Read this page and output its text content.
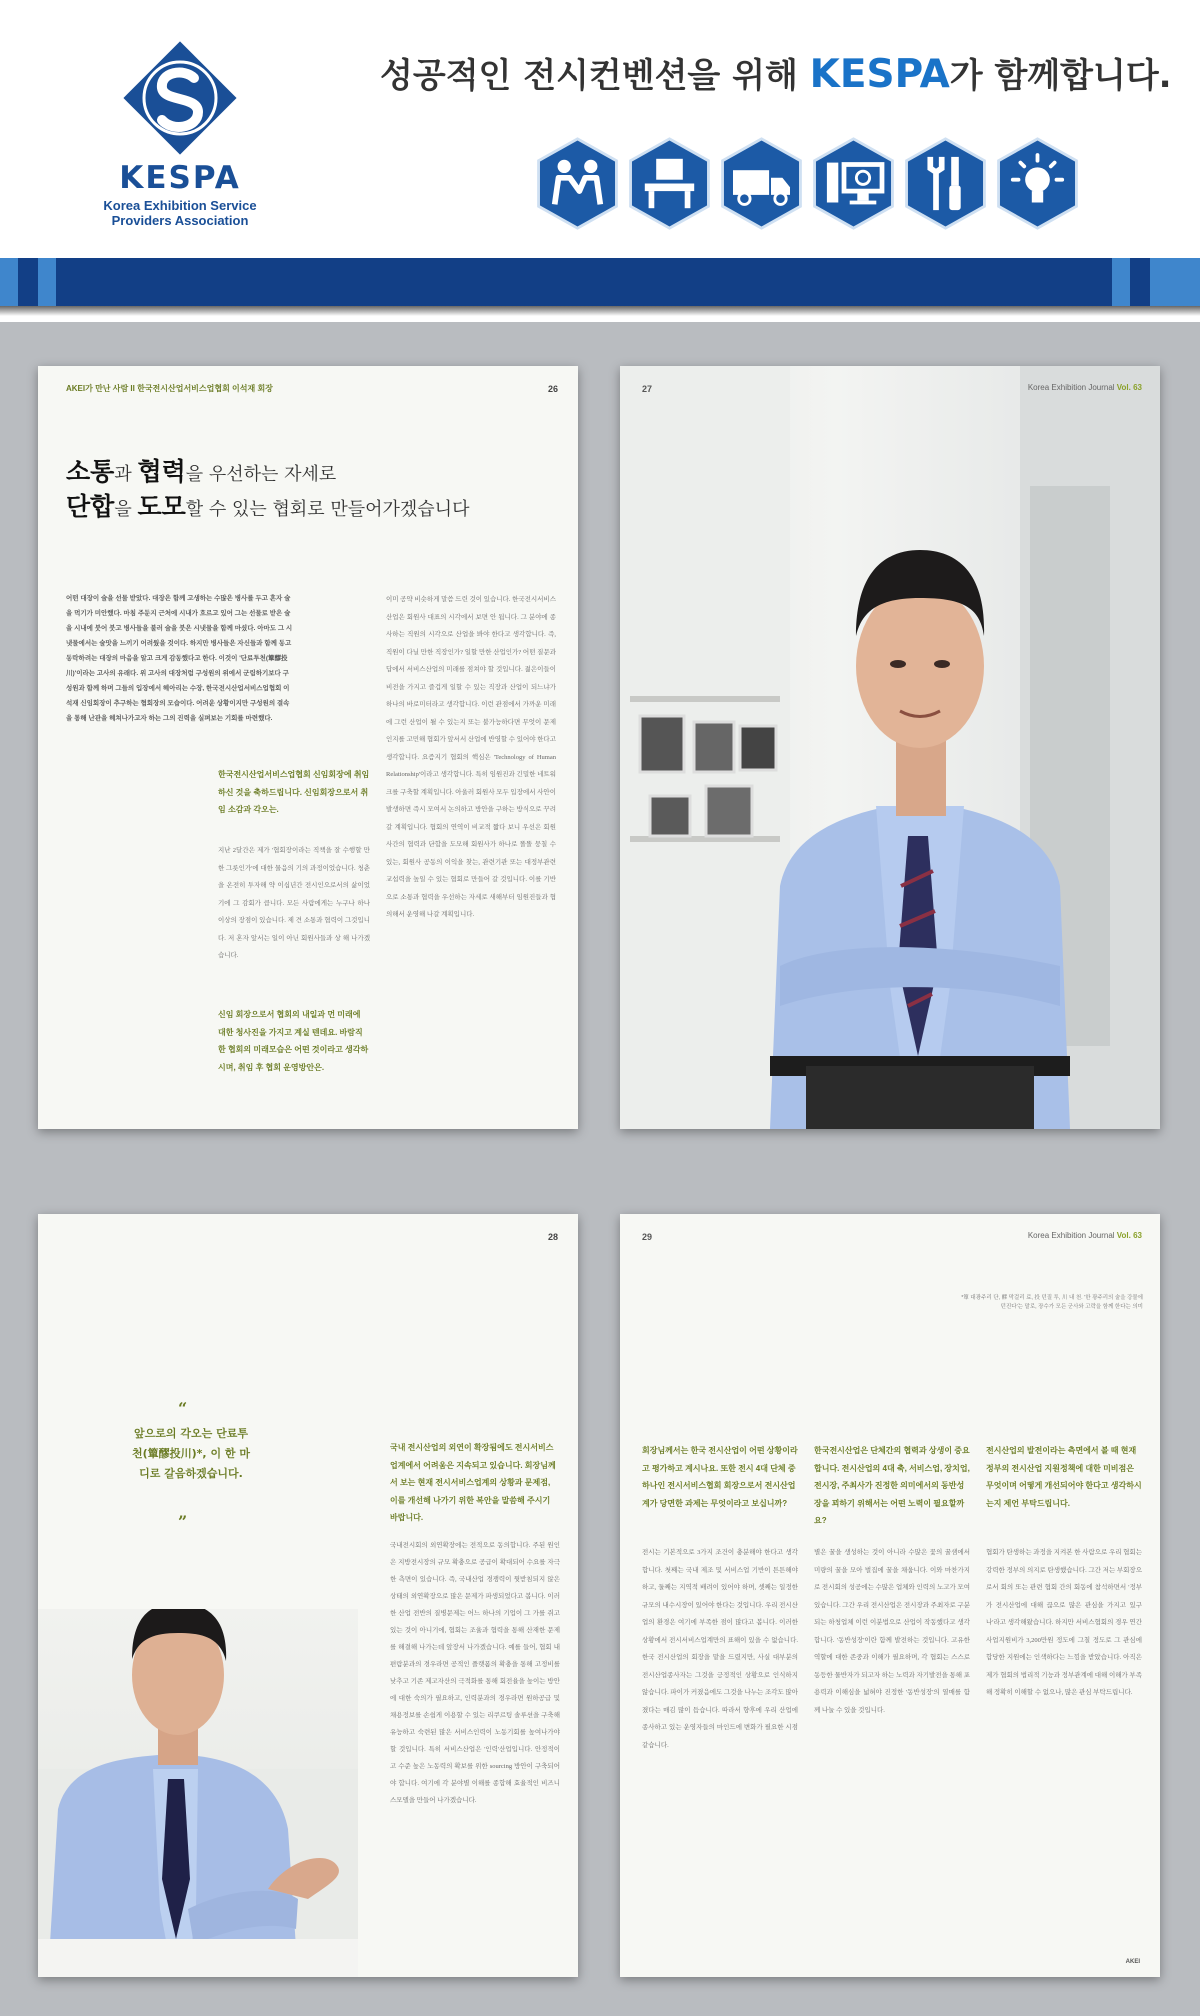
KESPA
Korea Exhibition Service
Providers Association
성공적인 전시컨벤션을 위해 KESPA가 함께합니다.
AKEI가 만난 사람 II 한국전시산업서비스업협회 이석재 회장	26
소통과 협력을 우선하는 자세로
단합을 도모할 수 있는 협회로 만들어가겠습니다
어떤 대장이 술을 선물 받았다. 대장은 함께 고생하는 수많은 병사를 두고 혼자 술을 먹기가 미안했다. 마침 주둔지 근처에 시내가 흐르고 있어 그는 선물로 받은 술을 시내에 붓어 붓고 병사들을 불러 술을 붓은 시냇물을 함께 마셨다. 아마도 그 시냇물에서는 술맛을 느끼기 어려웠을 것이다. 하지만 병사들은 자신들과 함께 동고동락하려는 대장의 마음을 알고 크게 감동했다고 한다. 이것이 '단료투천(簞醪投川)'이라는 고사의 유래다. 위 고사의 대장처럼 구성원의 위에서 군림하기보다 구성원과 함께 하며 그들의 입장에서 헤아리는 수장, 한국전시산업서비스업협회 이석재 신임회장이 추구하는 협회장의 모습이다. 어려운 상황이지만 구성원의 결속을 통해 난관을 헤쳐나가고자 하는 그의 진력을 실펴보는 기회를 마련했다.
한국전시산업서비스업협회 신임회장에 취임하신 것을 축하드립니다. 신임회장으로서 취임 소감과 각오는.
지난 2달간은 제가 '협회장이라는 직책을 잘 수행할 만한 그릇인가'에 대한 물음의 기의 과정이었습니다. 청춘을 온전히 투자해 약 이십년간 전시인으로서의 삶이었기에 그 감회가 큽니다. 모든 사람에게는 누구나 하나 이상의 장점이 있습니다. 제 견 소통과 협력이 그것입니다. 저 혼자 앞서는 일이 아닌 회원사들과 상 해 나가겠습니다.
신임 회장으로서 협회의 내일과 먼 미래에 대한 청사진을 가지고 계실 텐데요. 바람직한 협회의 미래모습은 어떤 것이라고 생각하시며, 취임 후 협회 운영방안은.
이미 공약 비슷하게 말씀 드린 것이 있습니다. 한국전시서비스산업은 회원사 대표의 시각에서 보면 안 됩니다. 그 분야에 종사하는 직원의 시각으로 산업을 봐야 한다고 생각합니다. 즉, 직원이 다닐 만한 직장인가? 일할 만한 산업인가? 어떤 질문과 답에서 서비스산업의 미래를 점쳐야 할 것입니다. 젊은이들이 비전을 가지고 즐겁게 일할 수 있는 직장과 산업이 되느냐가 하나의 바로미터라고 생각합니다. 이런 관점에서 가까운 미래에 그런 산업이 될 수 있는지 또는 불가능하다면 무엇이 문제인지를 고민해 협회가 앞서서 산업에 반영할 수 있어야 한다고 생각합니다. 요즘지기 협회의 핵심은 'Technology of Human Relationship'이라고 생각합니다. 특히 임원진과 긴밀한 네트워크를 구축할 계획입니다. 아울러 회원사 모두 입장에서 사안이 발생하면 즉시 모여서 논의하고 방안을 구하는 방식으로 꾸려갈 계획입니다. 협회의 연역이 비교적 짧다 보니 우선은 회원사간의 협력과 단합을 도모해 회원사가 하나로 똘똘 뭉칠 수 있는, 회원사 공동의 이익을 찾는, 관련기관 또는 대정부관련 교섭력을 높일 수 있는 협회로 만들어 갈 것입니다. 이를 기반으로 소통과 협력을 우선하는 자세로 새해부터 임원진들과 협의해서 운영해 나갈 계획입니다.
27	Korea Exhibition Journal Vol. 63
28
“
앞으로의 각오는 단료투천(簞醪投川)*, 이 한 마디로 갈음하겠습니다.
”
국내 전시산업의 외연이 확장됨에도 전시서비스업계에서 어려움은 지속되고 있습니다. 회장님께서 보는 현재 전시서비스업계의 상황과 문제점, 이를 개선해 나가기 위한 복안을 말씀해 주시기 바랍니다.
국내전시회의 외연확장에는 전적으로 동의합니다. 주된 원인은 지방전시장의 규모 확충으로 공급이 확대되어 수요를 자극한 측면이 있습니다. 즉, 국내산업 경쟁력이 뒷받침되지 않은 상태의 외연확장으로 많은 문제가 파생되었다고 봅니다. 이러한 산업 전반의 질병문제는 어느 하나의 기업이 그 가를 쥐고 있는 것이 아니기에, 협회는 조율과 협력을 통해 산재한 문제를 해결해 나가는데 앞장서 나가겠습니다. 예를 들어, 협회 내 편람분과의 경우라면 공적인 플랫폼의 확충을 통해 고정비를 낮추고 기존 제고자산의 극적화를 통해 회전율을 높이는 방안에 대한 숙의가 필요하고, 인력분과의 경우라면 원하공급 및 채용정보를 손쉽게 이용할 수 있는 리쿠르팅 솔루션을 구축해 유능하고 숙련된 많은 서비스인력이 노동기회를 높여나가야 할 것입니다. 특히 서비스산업은 '인력'산업입니다. 안정적이고 수준 높은 노동력의 확보를 위한 sourcing 방안이 구축되어야 합니다. 여기에 각 분야별 이해를 종합해 효율적인 비즈니스모델을 만들어 나가겠습니다.
29	Korea Exhibition Journal Vol. 63
*簞 대광주리 단, 醪 막걸리 료, 投 던질 투, 川 내 천. '한 광주리의 술을 강물에 던진다'는 말로, 장수가 모든 군사와 고락을 함께 한다는 의미
회장님께서는 한국 전시산업이 어떤 상황이라고 평가하고 계시나요. 또한 전시 4대 단체 중 하나인 전시서비스협회 회장으로서 전시산업계가 당면한 과제는 무엇이라고 보십니까?
전시는 기본적으로 3가지 조건이 충분해야 한다고 생각합니다. 첫째는 국내 제조 및 서비스업 기반이 튼튼해야 하고, 둘째는 지역적 배려이 있어야 하며, 셋째는 일정한 규모의 내수시장이 있어야 한다는 것입니다. 우리 전시산업의 환경은 여기에 부족한 점이 많다고 봅니다. 이러한 상황에서 전시서비스업계만의 표해이 있을 수 없습니다. 한국 전시산업의 회장을 맡을 드렸지만, 사실 대부분의 전시산업종사자는 그것을 긍정적인 상황으로 인식하지 않습니다. 파이가 커졌음에도 그것을 나누는 조각도 많아졌다는 매김 많이 듭습니다. 따라서 향후에 우리 산업에 종사하고 있는 운영자들의 마인드에 변화가 필요한 시점 같습니다.
한국전시산업은 단체간의 협력과 상생이 중요합니다. 전시산업의 4대 축, 서비스업, 장치업, 전시장, 주최사가 진정한 의미에서의 동반성장을 꾀하기 위해서는 어떤 노력이 필요할까요?
별은 꿀을 생성하는 것이 아니라 수많은 꽃의 꿀샘에서 미량의 꿀을 모아 벌집에 꿀을 채웁니다. 이와 마찬가지로 전시회의 성공에는 수많은 업체와 인력의 노고가 모여 있습니다. 그간 우리 전시산업은 전시장과 주최자로 구분되는 하청업체 이런 이분법으로 산업이 작동했다고 생각합니다. '동반성장'이란 함께 발전하는 것입니다. 고유한 역할에 대한 존중과 이해가 필요하며, 각 협회는 스스로 동등한 물반자가 되고자 하는 노력과 자기발전을 통해 포용력과 이해심을 넓혀야 진정한 '동반성장'의 열매를 함께 나눌 수 있을 것입니다.
전시산업의 발전이라는 측면에서 볼 때 현재 정부의 전시산업 지원정책에 대한 미비점은 무엇이며 어떻게 개선되어야 한다고 생각하시는지 제언 부탁드립니다.
협회가 탄생하는 과정을 지켜본 한 사람으로 우리 협회는 강력한 정부의 의지로 탄생했습니다. 그간 저는 부회장으로서 회의 또는 관련 협회 간의 회동에 참석하면서 '정부가 전시산업에 대해 끊으로 많은 관심을 가지고 있구나'라고 생각해왔습니다. 하지만 서비스협회의 경우 연간 사업지원비가 3,200만원 정도에 그칠 정도로 그 관심에 합당한 지원에는 인색하다는 느낌을 받았습니다. 아직은 제가 협회의 법리적 기능과 정부관계에 대해 이해가 부족해 정확히 이해할 수 없으나, 많은 관심 부탁드립니다.
AKEI
